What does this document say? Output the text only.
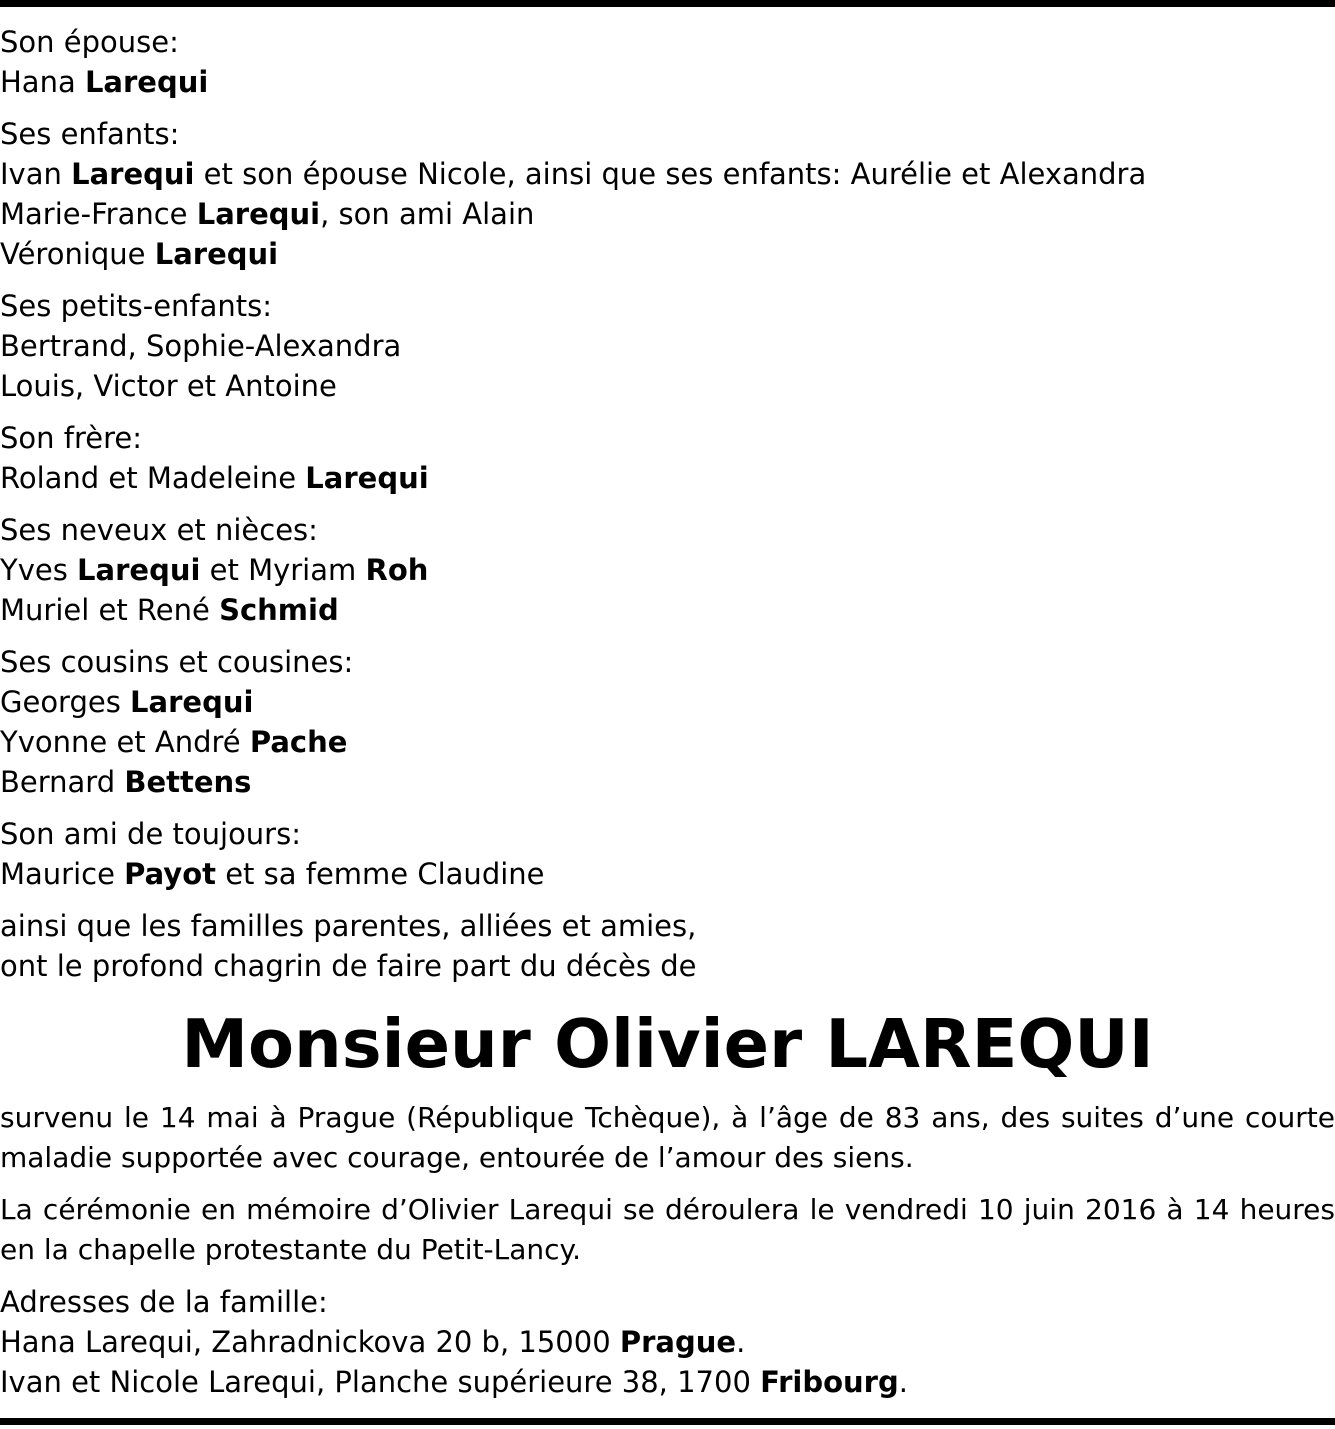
Son épouse:
Hana Larequi
Ses enfants:
Ivan Larequi et son épouse Nicole, ainsi que ses enfants: Aurélie et Alexandra
Marie-France Larequi, son ami Alain
Véronique Larequi
Ses petits-enfants:
Bertrand, Sophie-Alexandra
Louis, Victor et Antoine
Son frère:
Roland et Madeleine Larequi
Ses neveux et nièces:
Yves Larequi et Myriam Roh
Muriel et René Schmid
Ses cousins et cousines:
Georges Larequi
Yvonne et André Pache
Bernard Bettens
Son ami de toujours:
Maurice Payot et sa femme Claudine
ainsi que les familles parentes, alliées et amies,
ont le profond chagrin de faire part du décès de
Monsieur Olivier LAREQUI
survenu le 14 mai à Prague (République Tchèque), à l’âge de 83 ans, des suites d’une courte maladie supportée avec courage, entourée de l’amour des siens.
La cérémonie en mémoire d’Olivier Larequi se déroulera le vendredi 10 juin 2016 à 14 heures en la chapelle protestante du Petit-Lancy.
Adresses de la famille:
Hana Larequi, Zahradnickova 20 b, 15000 Prague.
Ivan et Nicole Larequi, Planche supérieure 38, 1700 Fribourg.
